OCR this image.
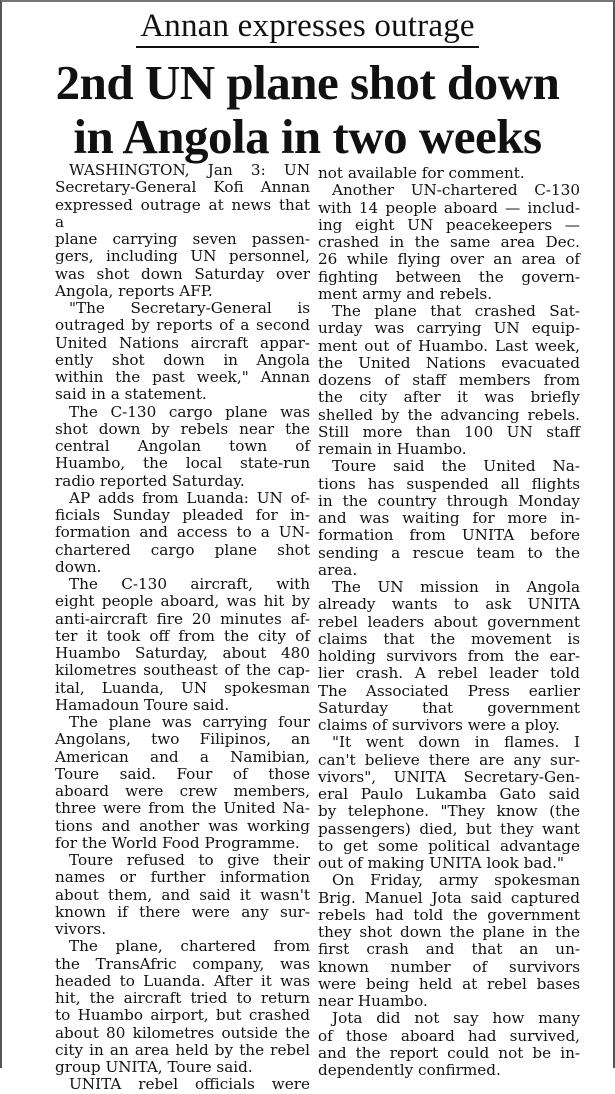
Annan expresses outrage
2nd UN plane shot down
in Angola in two weeks

WASHINGTON, Jan 3: UN
Secretary-General Kofi Annan
expressed outrage at news that a
plane carrying seven passen-
gers, including UN personnel,
was shot down Saturday over
Angola, reports AFP.

"The Secretary-General is
outraged by reports of a second
United Nations aircraft appar-
ently shot down in Angola
within the past week," Annan
said in a statement.

The C-130 cargo plane was
shot down by rebels near the
central Angolan town of
Huambo, the local state-run
radio reported Saturday.

AP adds from Luanda: UN of-
ficials Sunday pleaded for in-
formation and access to a UN-
chartered cargo plane shot
down.

The C-130 aircraft, with
eight people aboard, was hit by
anti-aircraft fire 20 minutes af-
ter it took off from the city of
Huambo Saturday, about 480
kilometres southeast of the cap-
ital, Luanda, UN spokesman
Hamadoun Toure said.

The plane was carrying four
Angolans, two Filipinos, an
American and a Namibian,
Toure said. Four of those
aboard were crew members,
three were from the United Na-
tions and another was working
for the World Food Programme.

Toure refused to give their
names or further information
about them, and said it wasn't
known if there were any sur-
vivors.

The plane, chartered from
the TransAfric company, was
headed to Luanda. After it was
hit, the aircraft tried to return
to Huambo airport, but crashed
about 80 kilometres outside the
city in an area held by the rebel
group UNITA, Toure said.

UNITA rebel officials were

not available for comment.

Another UN-chartered C-130
with 14 people aboard — includ-
ing eight UN peacekeepers —
crashed in the same area Dec.
26 while flying over an area of
fighting between the govern-
ment army and rebels.

The plane that crashed Sat-
urday was carrying UN equip-
ment out of Huambo. Last week,
the United Nations evacuated
dozens of staff members from
the city after it was briefly
shelled by the advancing rebels.
Still more than 100 UN staff
remain in Huambo.

Toure said the United Na-
tions has suspended all flights
in the country through Monday
and was waiting for more in-
formation from UNITA before
sending a rescue team to the
area.

The UN mission in Angola
already wants to ask UNITA
rebel leaders about government
claims that the movement is
holding survivors from the ear-
lier crash. A rebel leader told
The Associated Press earlier
Saturday that government
claims of survivors were a ploy.

"It went down in flames. I
can't believe there are any sur-
vivors", UNITA Secretary-Gen-
eral Paulo Lukamba Gato said
by telephone. "They know (the
passengers) died, but they want
to get some political advantage
out of making UNITA look bad."

On Friday, army spokesman
Brig. Manuel Jota said captured
rebels had told the government
they shot down the plane in the
first crash and that an un-
known number of survivors
were being held at rebel bases
near Huambo.

Jota did not say how many
of those aboard had survived,
and the report could not be in-
dependently confirmed.
